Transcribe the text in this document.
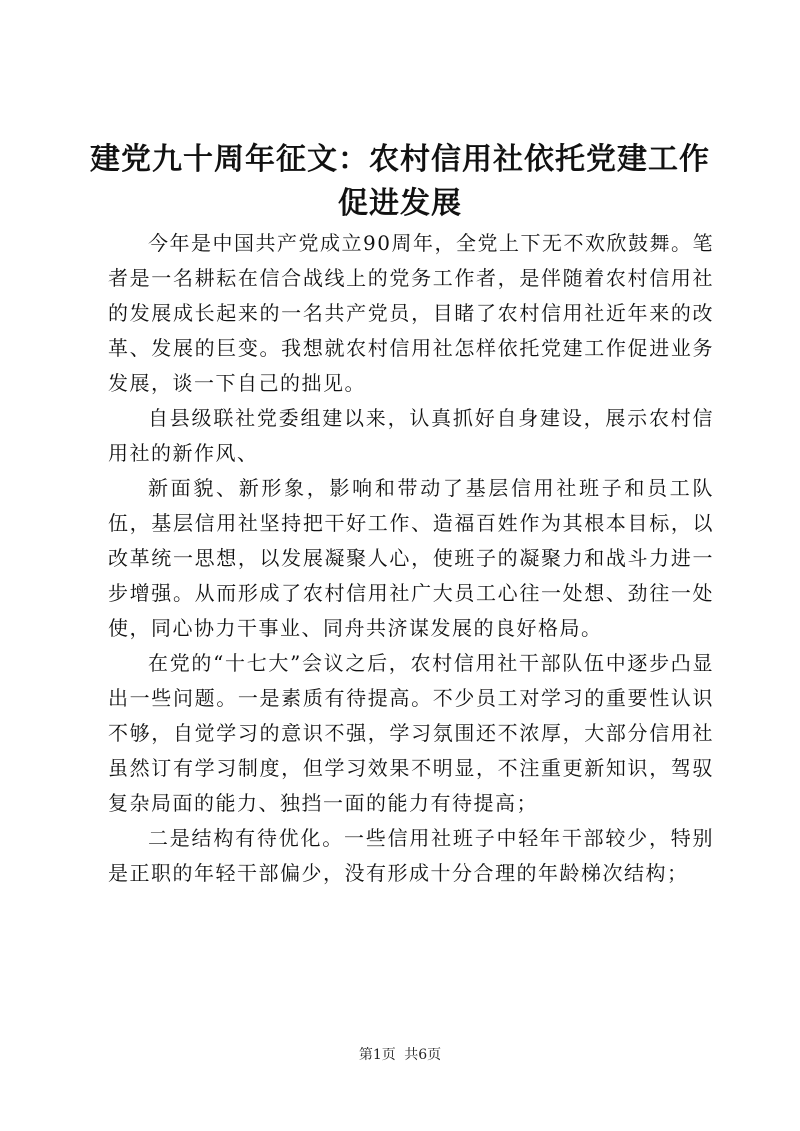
建党九十周年征文：农村信用社依托党建工作促进发展

今年是中国共产党成立90周年，全党上下无不欢欣鼓舞。笔者是一名耕耘在信合战线上的党务工作者，是伴随着农村信用社的发展成长起来的一名共产党员，目睹了农村信用社近年来的改革、发展的巨变。我想就农村信用社怎样依托党建工作促进业务发展，谈一下自己的拙见。

自县级联社党委组建以来，认真抓好自身建设，展示农村信用社的新作风、

新面貌、新形象，影响和带动了基层信用社班子和员工队伍，基层信用社坚持把干好工作、造福百姓作为其根本目标，以改革统一思想，以发展凝聚人心，使班子的凝聚力和战斗力进一步增强。从而形成了农村信用社广大员工心往一处想、劲往一处使，同心协力干事业、同舟共济谋发展的良好格局。

在党的“十七大”会议之后，农村信用社干部队伍中逐步凸显出一些问题。一是素质有待提高。不少员工对学习的重要性认识不够，自觉学习的意识不强，学习氛围还不浓厚，大部分信用社虽然订有学习制度，但学习效果不明显，不注重更新知识，驾驭复杂局面的能力、独挡一面的能力有待提高；

二是结构有待优化。一些信用社班子中轻年干部较少，特别是正职的年轻干部偏少，没有形成十分合理的年龄梯次结构；

第1页 共6页
